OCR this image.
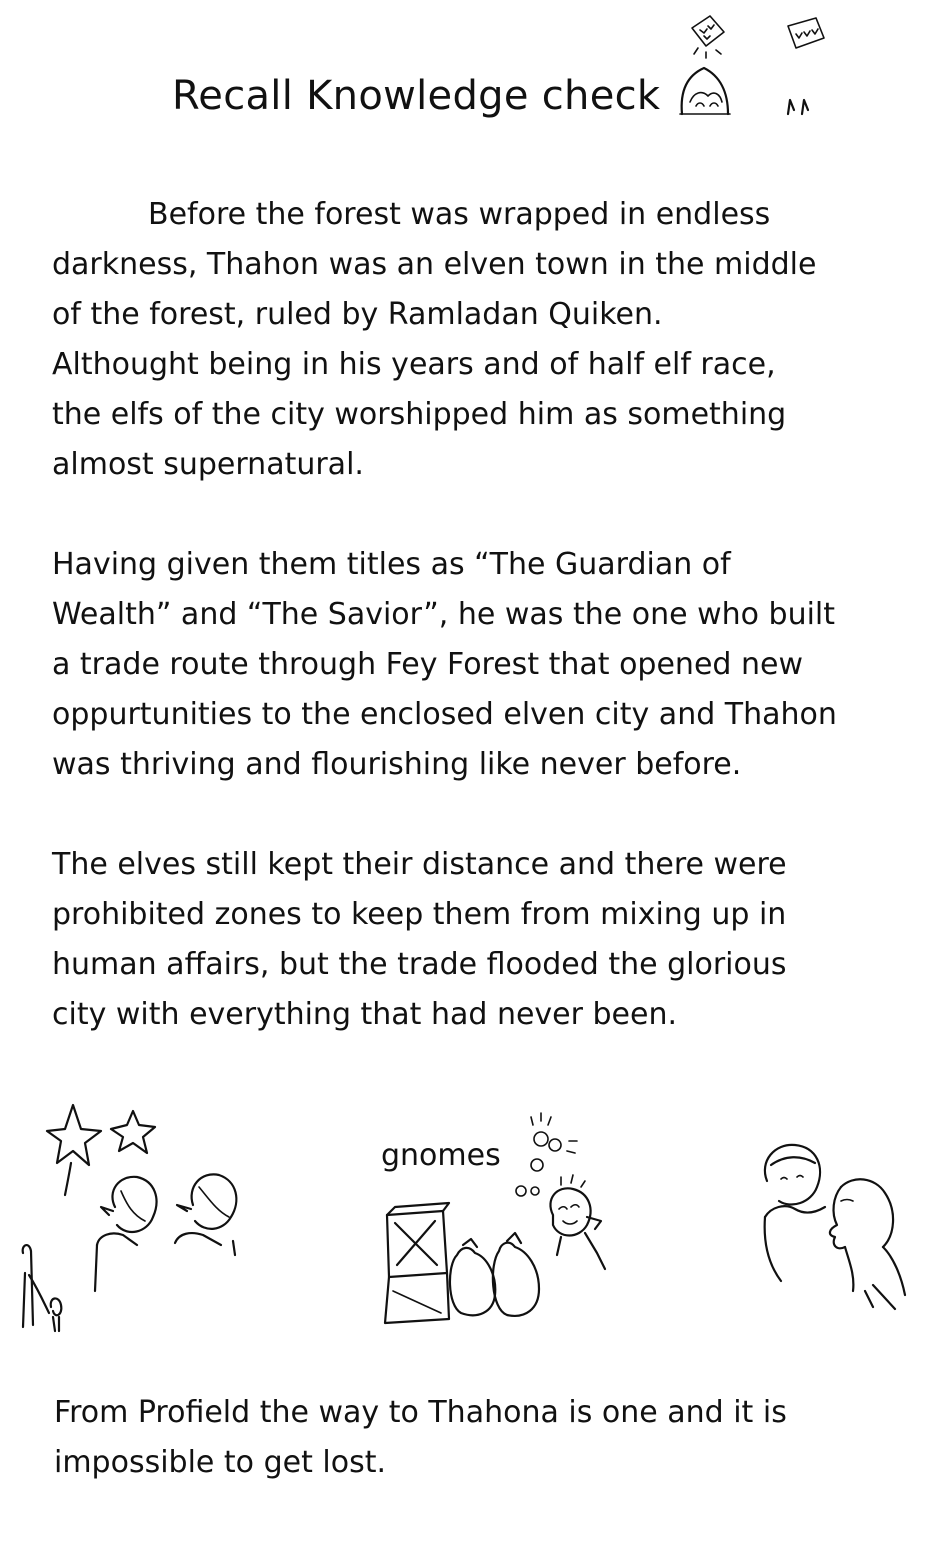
Recall Knowledge check

Before the forest was wrapped in endless
darkness, Thahon was an elven town in the middle
of the forest, ruled by Ramladan Quiken.
Althought being in his years and of half elf race,
the elfs of the city worshipped him as something
almost supernatural.

Having given them titles as “The Guardian of
Wealth” and “The Savior”, he was the one who built
a trade route through Fey Forest that opened new
oppurtunities to the enclosed elven city and Thahon
was thriving and flourishing like never before.

The elves still kept their distance and there were
prohibited zones to keep them from mixing up in
human affairs, but the trade flooded the glorious
city with everything that had never been.

gnomes

From Profield the way to Thahona is one and it is
impossible to get lost.
